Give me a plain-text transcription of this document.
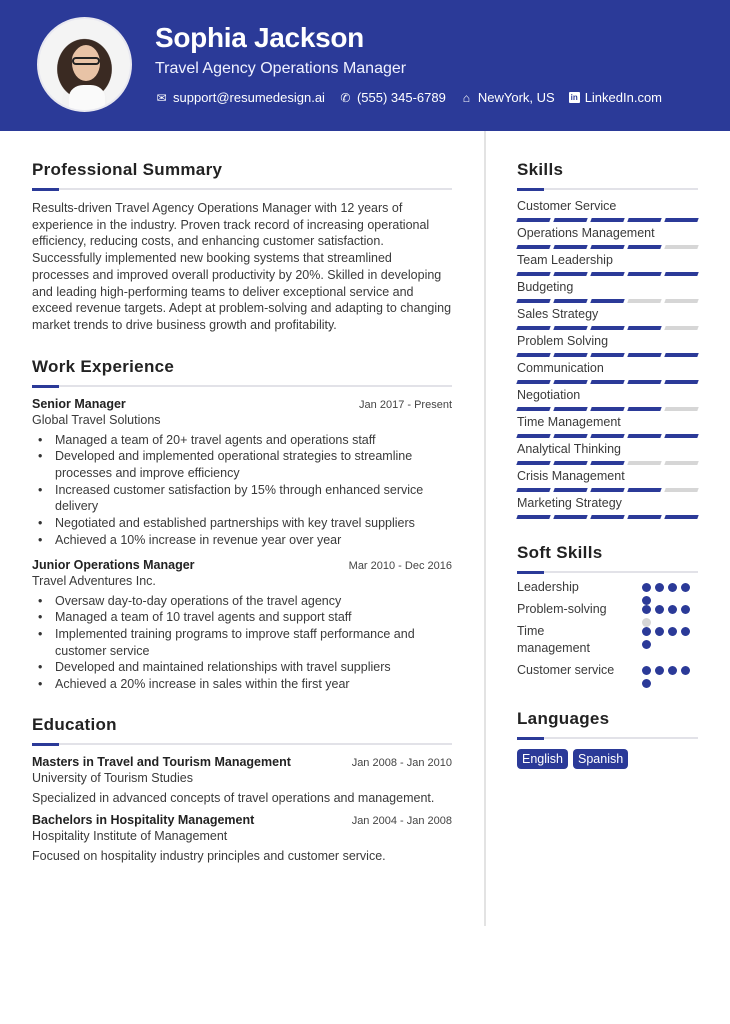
Sophia Jackson
Travel Agency Operations Manager
✉ support@resumedesign.ai ✆ (555) 345-6789 ⌂ NewYork, US in LinkedIn.com
Professional Summary

Results-driven Travel Agency Operations Manager with 12 years of experience in the industry. Proven track record of increasing operational efficiency, reducing costs, and enhancing customer satisfaction. Successfully implemented new booking systems that streamlined processes and improved overall productivity by 20%. Skilled in developing and leading high-performing teams to deliver exceptional service and exceed revenue targets. Adept at problem-solving and adapting to changing market trends to drive business growth and profitability.

Work Experience
Senior Manager	Jan 2017 - Present
Global Travel Solutions
• Managed a team of 20+ travel agents and operations staff
• Developed and implemented operational strategies to streamline processes and improve efficiency
• Increased customer satisfaction by 15% through enhanced service delivery
• Negotiated and established partnerships with key travel suppliers
• Achieved a 10% increase in revenue year over year
Junior Operations Manager	Mar 2010 - Dec 2016
Travel Adventures Inc.
• Oversaw day-to-day operations of the travel agency
• Managed a team of 10 travel agents and support staff
• Implemented training programs to improve staff performance and customer service
• Developed and maintained relationships with travel suppliers
• Achieved a 20% increase in sales within the first year
Education
Masters in Travel and Tourism Management	Jan 2008 - Jan 2010
University of Tourism Studies
Specialized in advanced concepts of travel operations and management.
Bachelors in Hospitality Management	Jan 2004 - Jan 2008
Hospitality Institute of Management
Focused on hospitality industry principles and customer service.
Skills
Customer Service
Operations Management
Team Leadership
Budgeting
Sales Strategy
Problem Solving
Communication
Negotiation
Time Management
Analytical Thinking
Crisis Management
Marketing Strategy
Soft Skills
Leadership
Problem-solving
Time management
Customer service
Languages
English	Spanish
